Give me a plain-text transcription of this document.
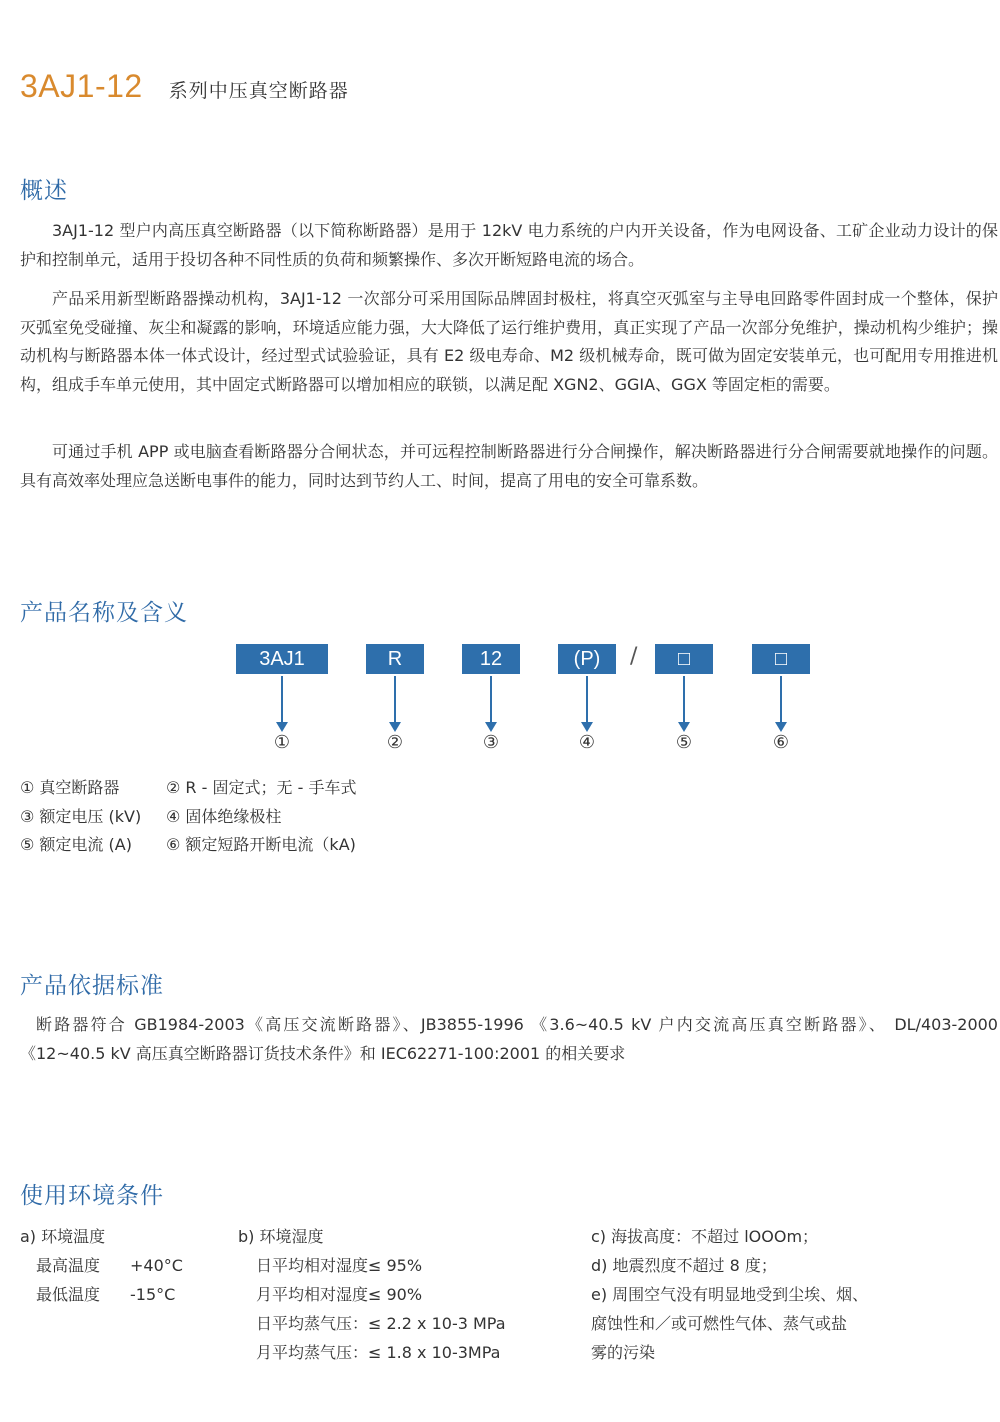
3AJ1-12 系列中压真空断路器
概述

3AJ1-12 型户内高压真空断路器（以下简称断路器）是用于 12kV 电力系统的户内开关设备，作为电网设备、工矿企业动力设计的保护和控制单元，适用于投切各种不同性质的负荷和频繁操作、多次开断短路电流的场合。

产品采用新型断路器操动机构，3AJ1-12 一次部分可采用国际品牌固封极柱，将真空灭弧室与主导电回路零件固封成一个整体，保护灭弧室免受碰撞、灰尘和凝露的影响，环境适应能力强，大大降低了运行维护费用，真正实现了产品一次部分免维护，操动机构少维护；操动机构与断路器本体一体式设计，经过型式试验验证，具有 E2 级电寿命、M2 级机械寿命，既可做为固定安装单元，也可配用专用推进机构，组成手车单元使用，其中固定式断路器可以增加相应的联锁，以满足配 XGN2、GGIA、GGX 等固定柜的需要。

可通过手机 APP 或电脑查看断路器分合闸状态，并可远程控制断路器进行分合闸操作，解决断路器进行分合闸需要就地操作的问题。具有高效率处理应急送断电事件的能力，同时达到节约人工、时间，提高了用电的安全可靠系数。

产品名称及含义
3AJ1	R	12	(P)	/	□	□
①	②	③	④	⑤	⑥
① 真空断路器	② R - 固定式；无 - 手车式
③ 额定电压 (kV)	④ 固体绝缘极柱
⑤ 额定电流 (A)	⑥ 额定短路开断电流（kA)
产品依据标准

断路器符合 GB1984-2003《高压交流断路器》、JB3855-1996 《3.6~40.5 kV 户内交流高压真空断路器》、 DL/403-2000 《12~40.5 kV 高压真空断路器订货技术条件》和 IEC62271-100:2001 的相关要求

使用环境条件
a) 环境温度
最高温度	+40°C
最低温度	-15°C
b) 环境湿度
日平均相对湿度≤ 95%
月平均相对湿度≤ 90%
日平均蒸气压：≤ 2.2 x 10-3 MPa
月平均蒸气压：≤ 1.8 x 10-3MPa
c) 海拔高度：不超过 lOOOm；
d) 地震烈度不超过 8 度；
e) 周围空气没有明显地受到尘埃、烟、
腐蚀性和／或可燃性气体、蒸气或盐
雾的污染
